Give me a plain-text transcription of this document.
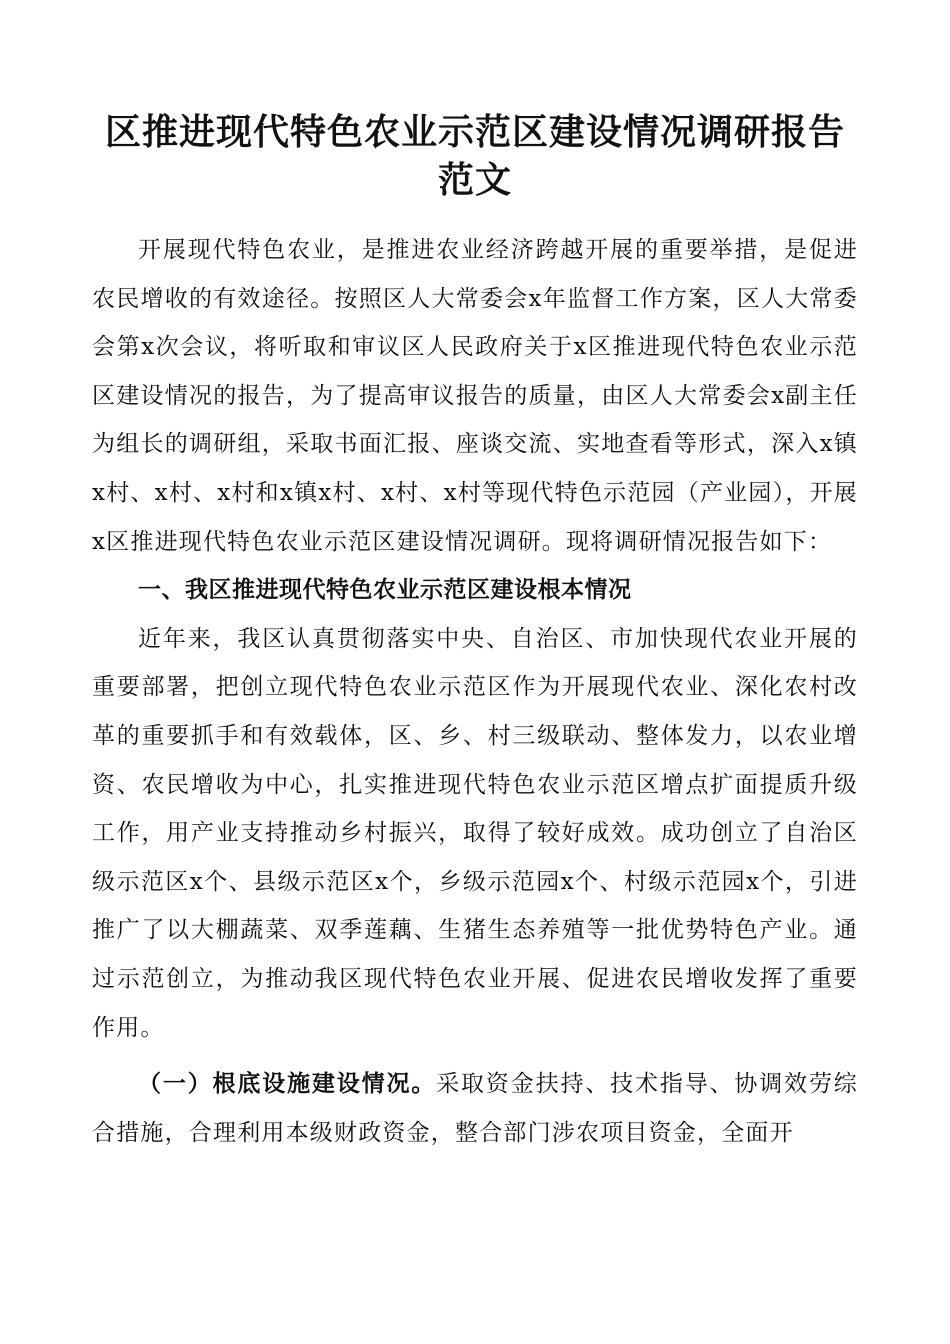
区推进现代特色农业示范区建设情况调研报告范文

开展现代特色农业，是推进农业经济跨越开展的重要举措，是促进农民增收的有效途径。按照区人大常委会x年监督工作方案，区人大常委会第x次会议，将听取和审议区人民政府关于x区推进现代特色农业示范区建设情况的报告，为了提高审议报告的质量，由区人大常委会x副主任为组长的调研组，采取书面汇报、座谈交流、实地查看等形式，深入x镇x村、x村、x村和x镇x村、x村、x村等现代特色示范园（产业园），开展x区推进现代特色农业示范区建设情况调研。现将调研情况报告如下：

一、我区推进现代特色农业示范区建设根本情况

近年来，我区认真贯彻落实中央、自治区、市加快现代农业开展的重要部署，把创立现代特色农业示范区作为开展现代农业、深化农村改革的重要抓手和有效载体，区、乡、村三级联动、整体发力，以农业增资、农民增收为中心，扎实推进现代特色农业示范区增点扩面提质升级工作，用产业支持推动乡村振兴，取得了较好成效。成功创立了自治区级示范区x个、县级示范区x个，乡级示范园x个、村级示范园x个，引进推广了以大棚蔬菜、双季莲藕、生猪生态养殖等一批优势特色产业。通过示范创立，为推动我区现代特色农业开展、促进农民增收发挥了重要作用。

（一）根底设施建设情况。采取资金扶持、技术指导、协调效劳综合措施，合理利用本级财政资金，整合部门涉农项目资金，全面开
